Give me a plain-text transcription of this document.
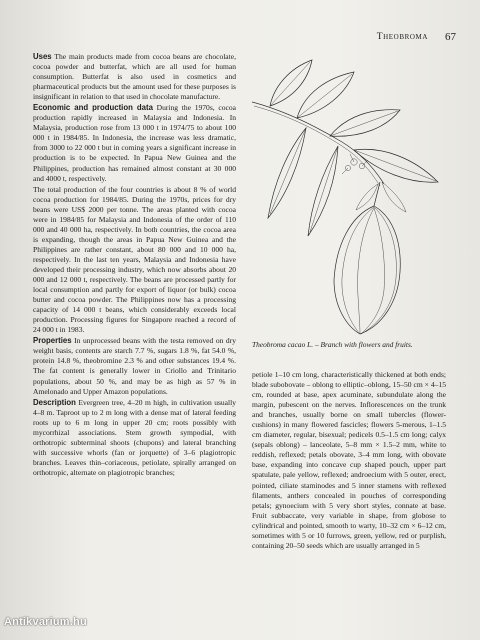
Theobroma 67

Uses The main products made from cocoa beans are chocolate, cocoa powder and butterfat, which are all used for human consumption. Butterfat is also used in cosmetics and pharmaceutical products but the amount used for these purposes is insignificant in relation to that used in chocolate manufacture.

Economic and production data During the 1970s, cocoa production rapidly increased in Malaysia and Indonesia. In Malaysia, production rose from 13 000 t in 1974/75 to about 100 000 t in 1984/85. In Indonesia, the increase was less dramatic, from 3000 to 22 000 t but in coming years a significant increase in production is to be expected. In Papua New Guinea and the Philippines, production has remained almost constant at 30 000 and 4000 t, respectively.

The total production of the four countries is about 8 % of world cocoa production for 1984/85. During the 1970s, prices for dry beans were US$ 2000 per tonne. The areas planted with cocoa were in 1984/85 for Malaysia and Indonesia of the order of 110 000 and 40 000 ha, respectively. In both countries, the cocoa area is expanding, though the areas in Papua New Guinea and the Philippines are rather constant, about 80 000 and 10 000 ha, respectively. In the last ten years, Malaysia and Indonesia have developed their processing industry, which now absorbs about 20 000 and 12 000 t, respectively. The beans are processed partly for local consumption and partly for export of liquor (or bulk) cocoa butter and cocoa powder. The Philippines now has a processing capacity of 14 000 t beans, which considerably exceeds local production. Processing figures for Singapore reached a record of 24 000 t in 1983.

Properties In unprocessed beans with the testa removed on dry weight basis, contents are starch 7.7 %, sugars 1.8 %, fat 54.0 %, protein 14.8 %, theobromine 2.3 % and other substances 19.4 %. The fat content is generally lower in Criollo and Trinitario populations, about 50 %, and may be as high as 57 % in Amelonado and Upper Amazon populations.

Description Evergreen tree, 4–20 m high, in cultivation usually 4–8 m. Taproot up to 2 m long with a dense mat of lateral feeding roots up to 6 m long in upper 20 cm; roots possibly with mycorrhizal associations. Stem growth sympodial, with orthotropic subterminal shoots (chupons) and lateral branching with successive whorls (fan or jorquette) of 3–6 plagiotropic branches. Leaves thin–coriaceous, petiolate, spirally arranged on orthotropic, alternate on plagiotropic branches;

Theobroma cacao L. – Branch with flowers and fruits.

petiole 1–10 cm long, characteristically thickened at both ends; blade subobovate – oblong to elliptic–oblong, 15–50 cm × 4–15 cm, rounded at base, apex acuminate, subundulate along the margin, pubescent on the nerves. Inflorescences on the trunk and branches, usually borne on small tubercles (flower-cushions) in many flowered fascicles; flowers 5-merous, 1–1.5 cm diameter, regular, bisexual; pedicels 0.5–1.5 cm long; calyx (sepals oblong) – lanceolate, 5–8 mm × 1.5–2 mm, white to reddish, reflexed; petals obovate, 3–4 mm long, with obovate base, expanding into concave cup shaped pouch, upper part spatulate, pale yellow, reflexed; androecium with 5 outer, erect, pointed, ciliate staminodes and 5 inner stamens with reflexed filaments, anthers concealed in pouches of corresponding petals; gynoecium with 5 very short styles, connate at base. Fruit subbaccate, very variable in shape, from globose to cylindrical and pointed, smooth to warty, 10–32 cm × 6–12 cm, sometimes with 5 or 10 furrows, green, yellow, red or purplish, containing 20–50 seeds which are usually arranged in 5

Antikvarium.hu
